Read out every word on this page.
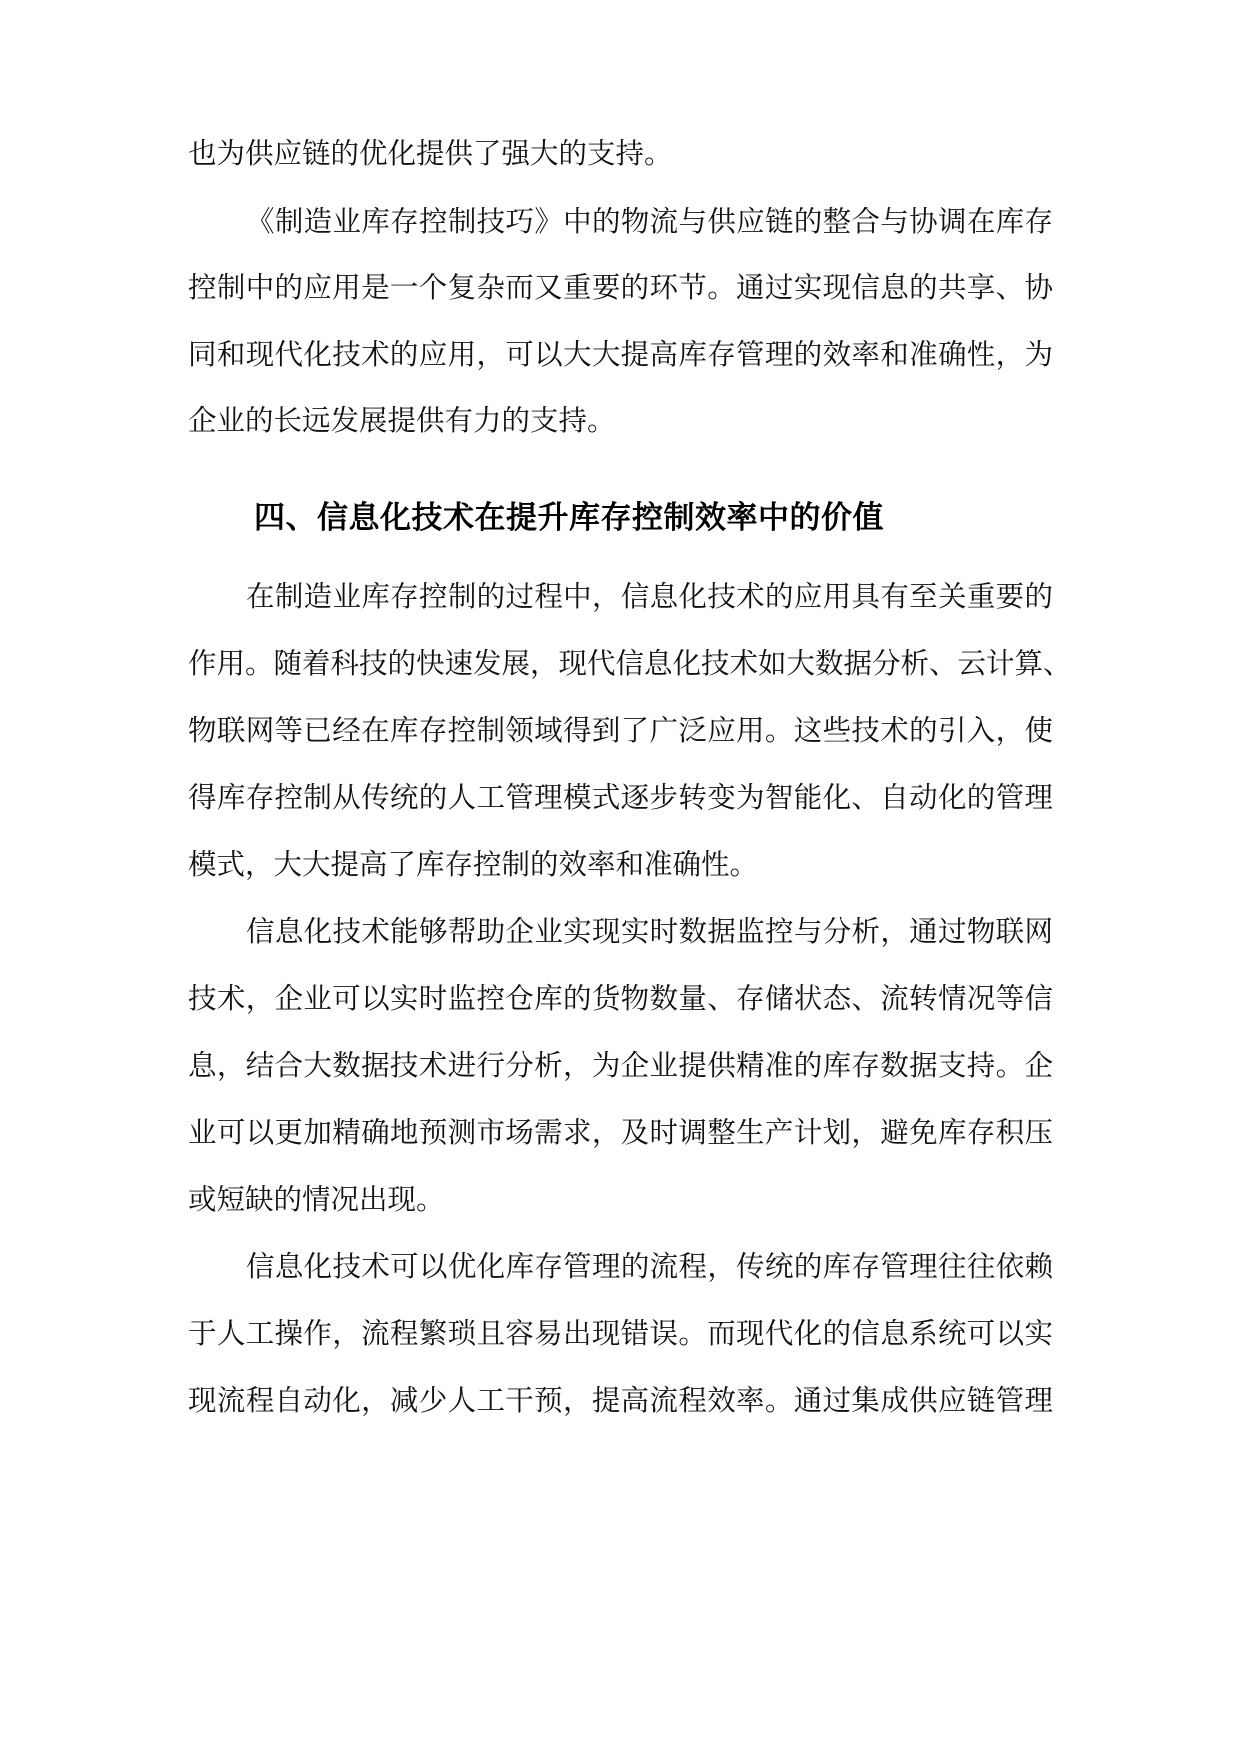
也为供应链的优化提供了强大的支持。
《制造业库存控制技巧》中的物流与供应链的整合与协调在库存
控制中的应用是一个复杂而又重要的环节。通过实现信息的共享、协
同和现代化技术的应用，可以大大提高库存管理的效率和准确性，为
企业的长远发展提供有力的支持。
四、信息化技术在提升库存控制效率中的价值
在制造业库存控制的过程中，信息化技术的应用具有至关重要的
作用。随着科技的快速发展，现代信息化技术如大数据分析、云计算、
物联网等已经在库存控制领域得到了广泛应用。这些技术的引入，使
得库存控制从传统的人工管理模式逐步转变为智能化、自动化的管理
模式，大大提高了库存控制的效率和准确性。
信息化技术能够帮助企业实现实时数据监控与分析，通过物联网
技术，企业可以实时监控仓库的货物数量、存储状态、流转情况等信
息，结合大数据技术进行分析，为企业提供精准的库存数据支持。企
业可以更加精确地预测市场需求，及时调整生产计划，避免库存积压
或短缺的情况出现。
信息化技术可以优化库存管理的流程，传统的库存管理往往依赖
于人工操作，流程繁琐且容易出现错误。而现代化的信息系统可以实
现流程自动化，减少人工干预，提高流程效率。通过集成供应链管理
